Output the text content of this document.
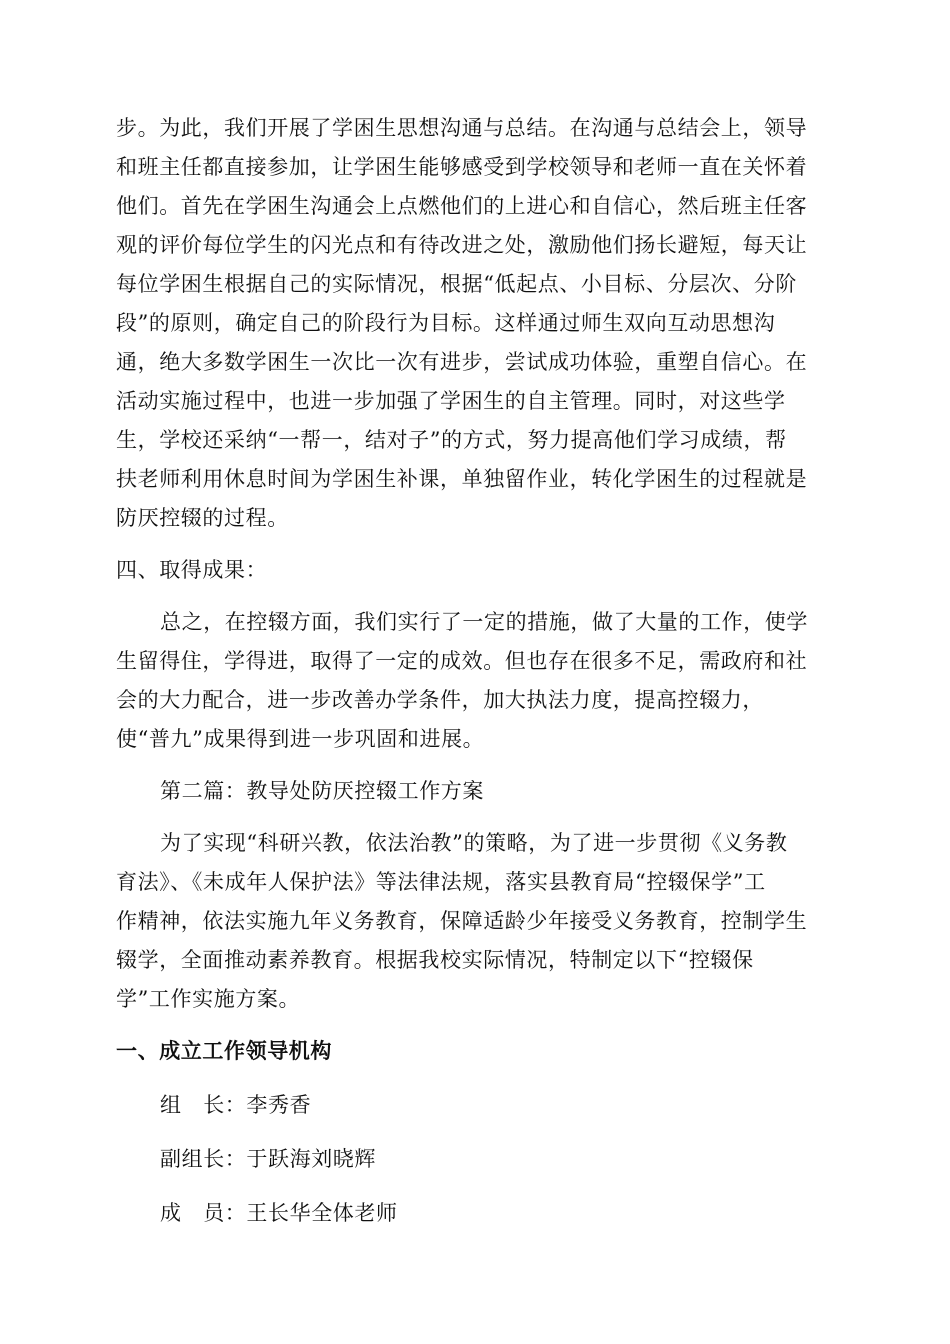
步。为此，我们开展了学困生思想沟通与总结。在沟通与总结会上，领导
和班主任都直接参加，让学困生能够感受到学校领导和老师一直在关怀着
他们。首先在学困生沟通会上点燃他们的上进心和自信心，然后班主任客
观的评价每位学生的闪光点和有待改进之处，激励他们扬长避短，每天让
每位学困生根据自己的实际情况，根据“低起点、小目标、分层次、分阶
段”的原则，确定自己的阶段行为目标。这样通过师生双向互动思想沟
通，绝大多数学困生一次比一次有进步，尝试成功体验，重塑自信心。在
活动实施过程中，也进一步加强了学困生的自主管理。同时，对这些学
生，学校还采纳“一帮一，结对子”的方式，努力提高他们学习成绩，帮
扶老师利用休息时间为学困生补课，单独留作业，转化学困生的过程就是
防厌控辍的过程。
四、取得成果：
总之，在控辍方面，我们实行了一定的措施，做了大量的工作，使学
生留得住，学得进，取得了一定的成效。但也存在很多不足，需政府和社
会的大力配合，进一步改善办学条件，加大执法力度，提高控辍力，
使“普九”成果得到进一步巩固和进展。
第二篇：教导处防厌控辍工作方案
为了实现“科研兴教，依法治教”的策略，为了进一步贯彻《义务教
育法》、《未成年人保护法》等法律法规，落实县教育局“控辍保学”工
作精神，依法实施九年义务教育，保障适龄少年接受义务教育，控制学生
辍学，全面推动素养教育。根据我校实际情况，特制定以下“控辍保
学”工作实施方案。
一、成立工作领导机构
组　长：李秀香
副组长：于跃海刘晓辉
成　员：王长华全体老师
